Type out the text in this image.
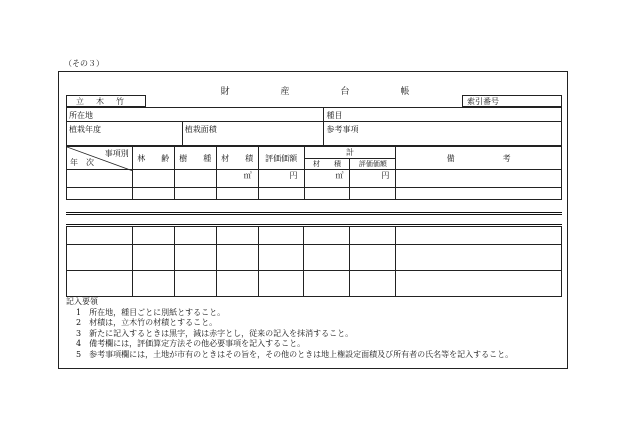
（その３）
財	産	台	帳
立木竹	索引番号
所在地		種目
植栽年度	植栽面積	参考事項
事項別
年　次	林　　齢	樹　　種	材　　積	評価価額	計		備　　　　　　考
					材　　積	評価価額	
			㎥	円	㎥	円	

記入要領
1　所在地，種目ごとに別紙とすること。
2　材積は，立木竹の材積とすること。
3　新たに記入するときは黒字，減は赤字とし，従来の記入を抹消すること。
4　備考欄には，評価算定方法その他必要事項を記入すること。
5　参考事項欄には，土地が市有のときはその旨を，その他のときは地上権設定面積及び所有者の氏名等を記入すること。
